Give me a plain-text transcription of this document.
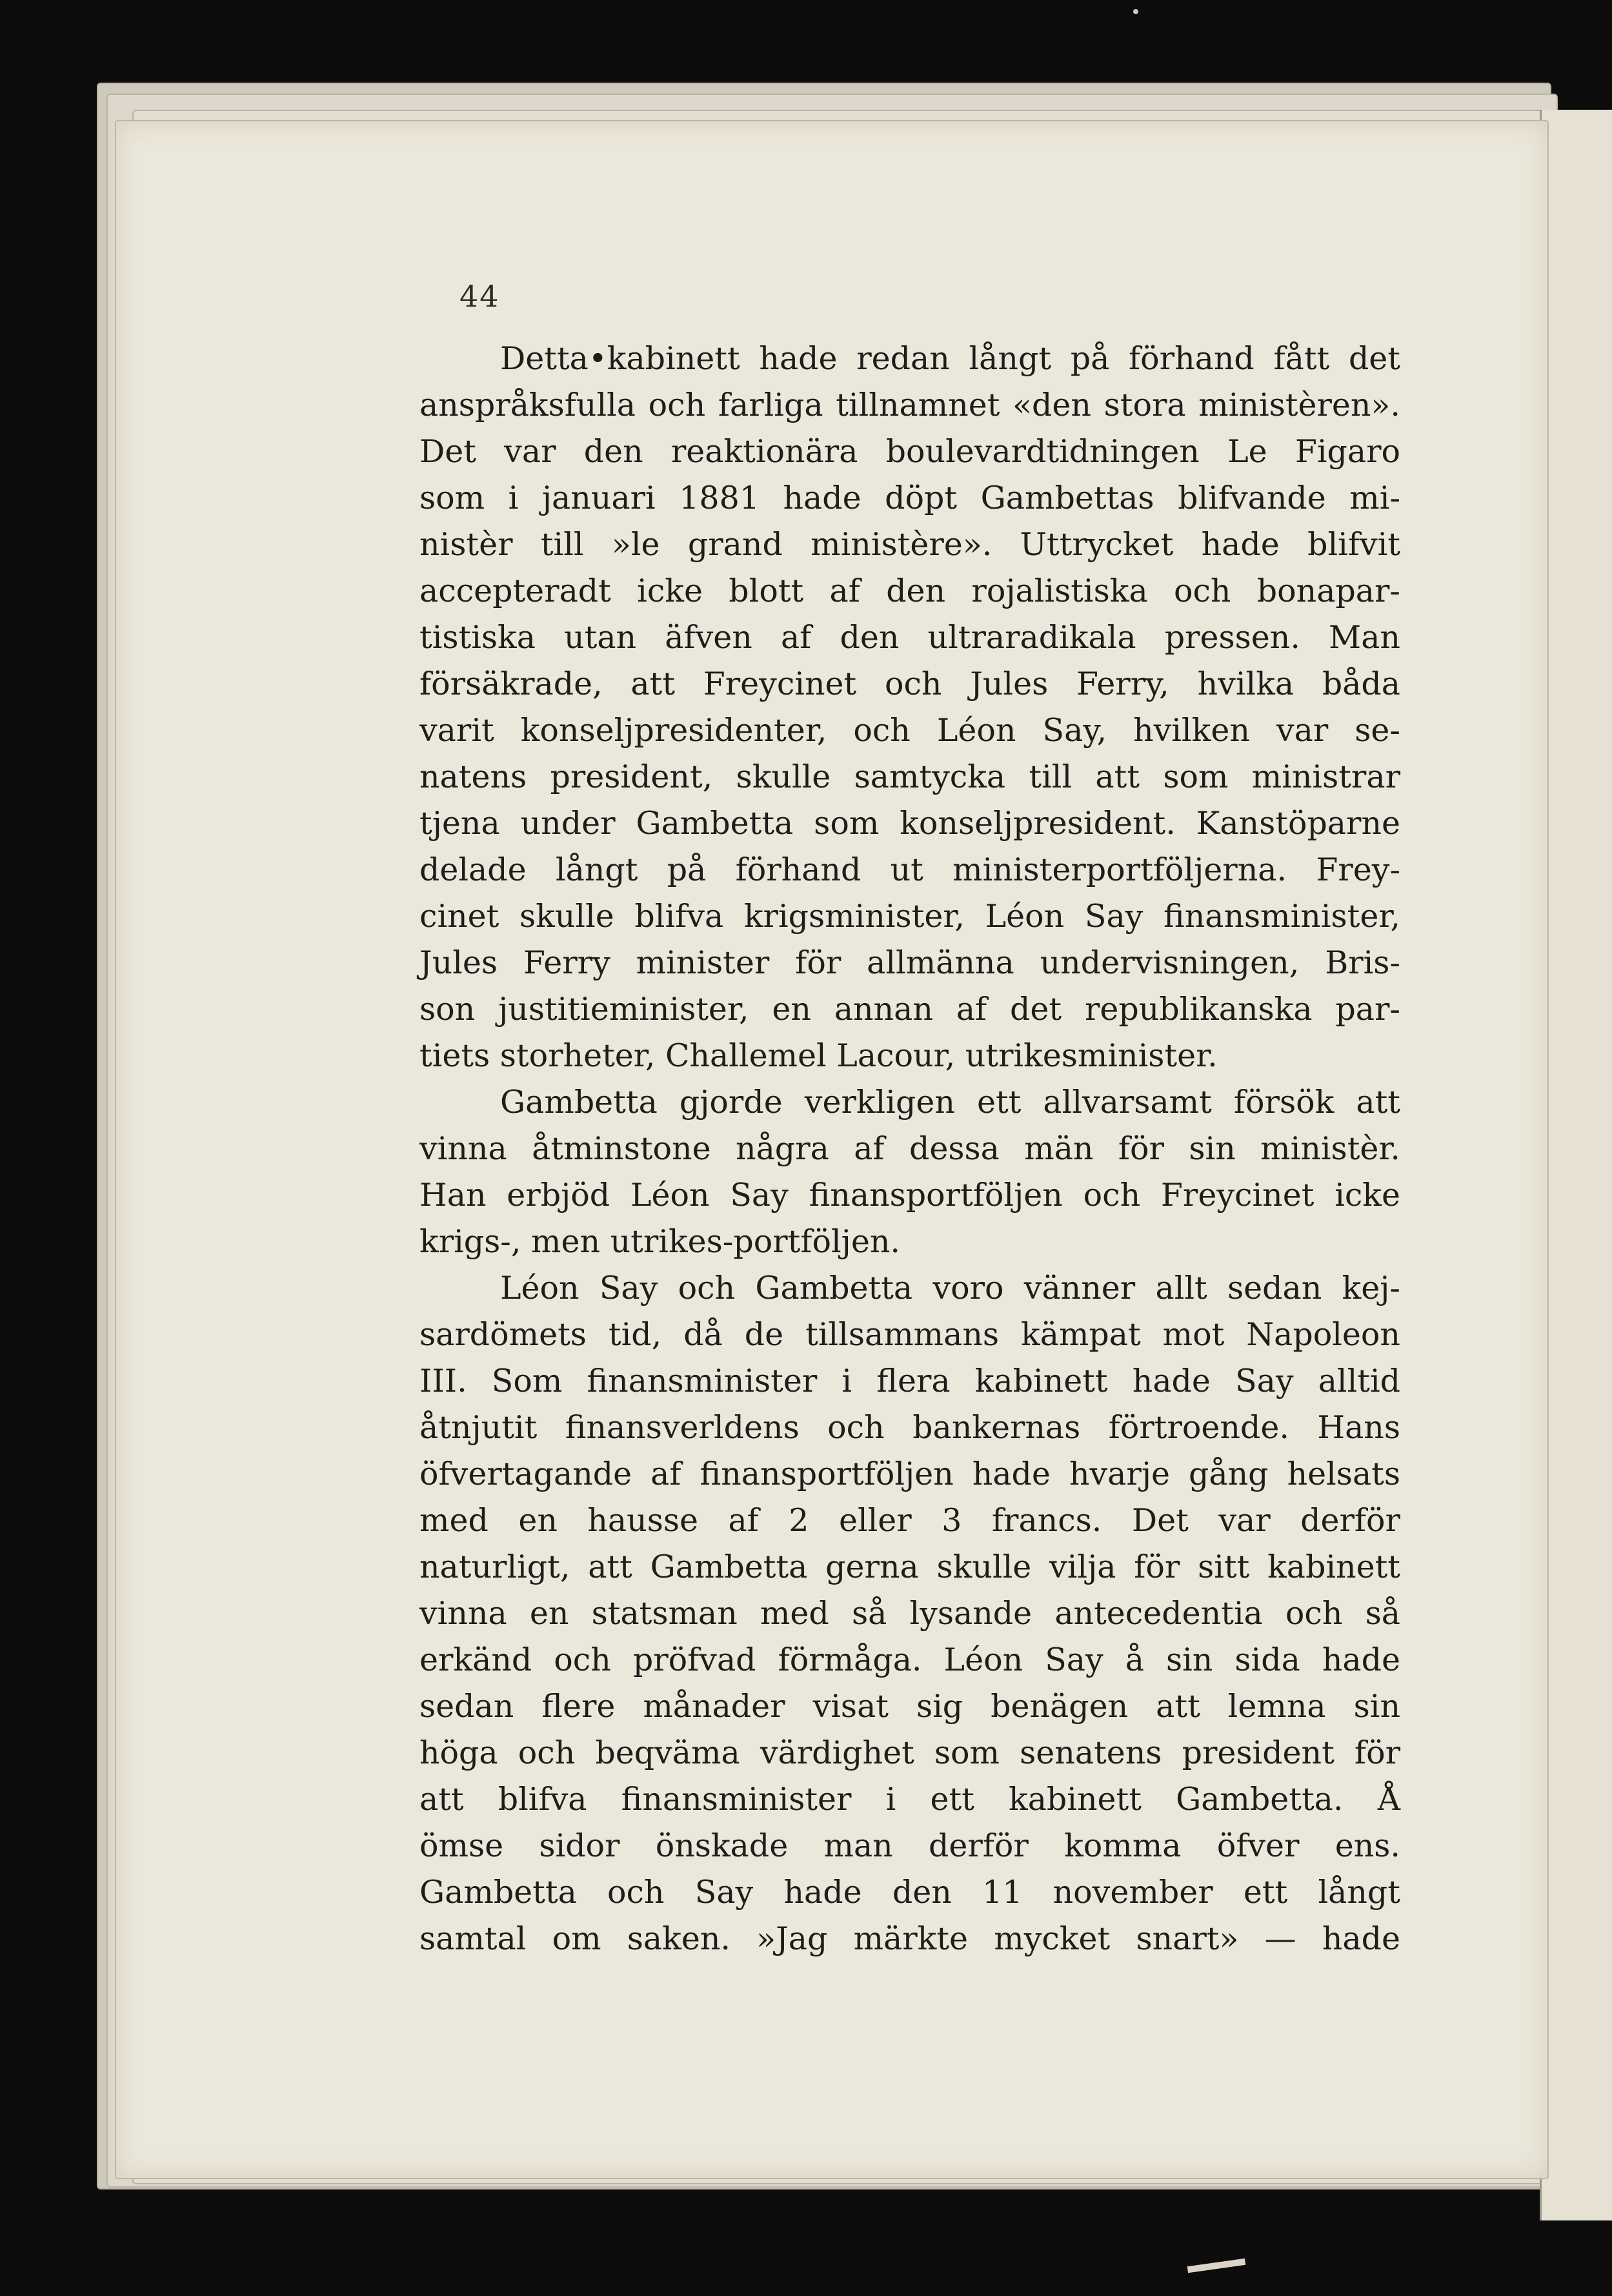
44
Detta•kabinett hade redan långt på förhand fått det
anspråksfulla och farliga tillnamnet «den stora ministèren».
Det var den reaktionära boulevardtidningen Le Figaro
som i januari 1881 hade döpt Gambettas blifvande mi-
nistèr till »le grand ministère». Uttrycket hade blifvit
accepteradt icke blott af den rojalistiska och bonapar-
tistiska utan äfven af den ultraradikala pressen. Man
försäkrade, att Freycinet och Jules Ferry, hvilka båda
varit konseljpresidenter, och Léon Say, hvilken var se-
natens president, skulle samtycka till att som ministrar
tjena under Gambetta som konseljpresident. Kanstöparne
delade långt på förhand ut ministerportföljerna. Frey-
cinet skulle blifva krigsminister, Léon Say finansminister,
Jules Ferry minister för allmänna undervisningen, Bris-
son justitieminister, en annan af det republikanska par-
tiets storheter, Challemel Lacour, utrikesminister.
Gambetta gjorde verkligen ett allvarsamt försök att
vinna åtminstone några af dessa män för sin ministèr.
Han erbjöd Léon Say finansportföljen och Freycinet icke
krigs-, men utrikes-portföljen.
Léon Say och Gambetta voro vänner allt sedan kej-
sardömets tid, då de tillsammans kämpat mot Napoleon
III. Som finansminister i flera kabinett hade Say alltid
åtnjutit finansverldens och bankernas förtroende. Hans
öfvertagande af finansportföljen hade hvarje gång helsats
med en hausse af 2 eller 3 francs. Det var derför
naturligt, att Gambetta gerna skulle vilja för sitt kabinett
vinna en statsman med så lysande antecedentia och så
erkänd och pröfvad förmåga. Léon Say å sin sida hade
sedan flere månader visat sig benägen att lemna sin
höga och beqväma värdighet som senatens president för
att blifva finansminister i ett kabinett Gambetta. Å
ömse sidor önskade man derför komma öfver ens.
Gambetta och Say hade den 11 november ett långt
samtal om saken. »Jag märkte mycket snart» — hade
